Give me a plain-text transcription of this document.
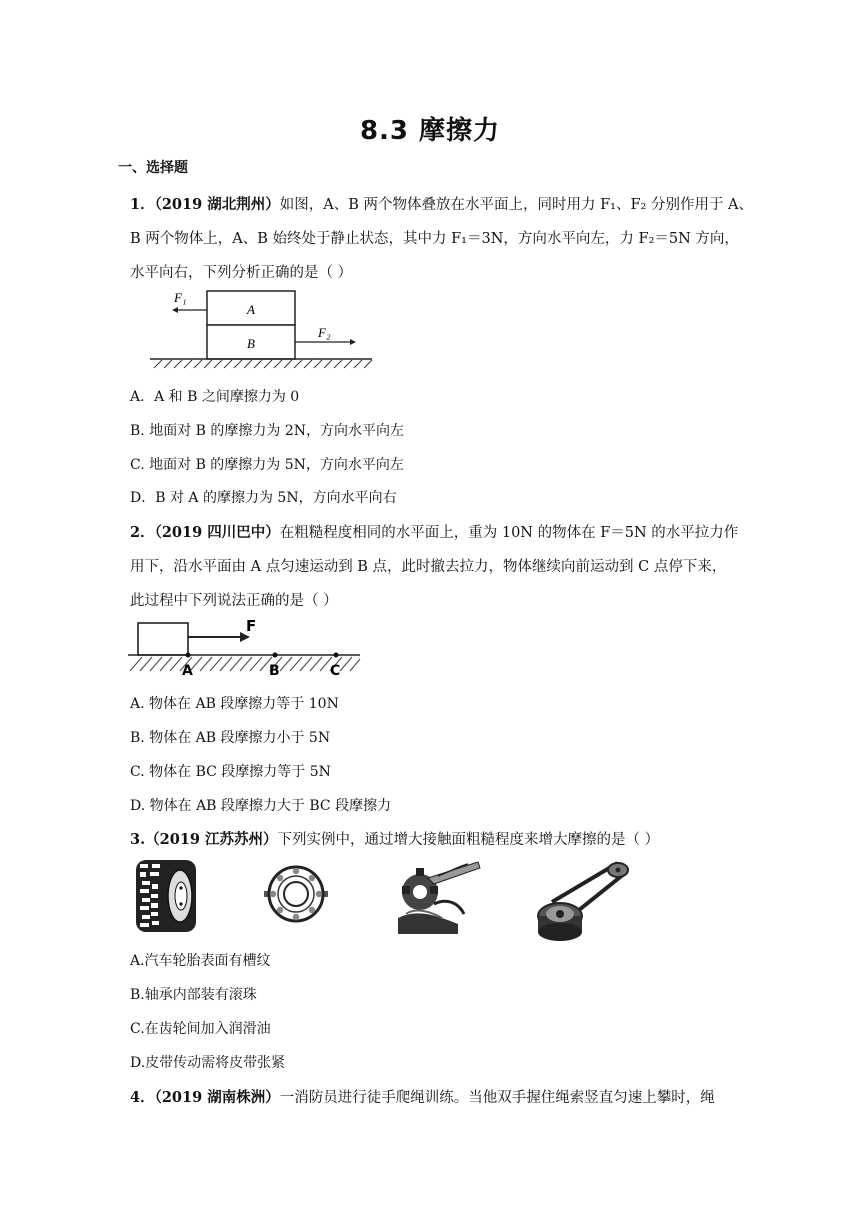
8.3 摩擦力
一、选择题
1．（2019 湖北荆州）如图，A、B 两个物体叠放在水平面上，同时用力 F₁、F₂ 分别作用于 A、
B 两个物体上，A、B 始终处于静止状态，其中力 F₁＝3N，方向水平向左，力 F₂＝5N 方向，
水平向右，下列分析正确的是（ ）
F₁
A
B
F₂
A．A 和 B 之间摩擦力为 0
B. 地面对 B 的摩擦力为 2N，方向水平向左
C. 地面对 B 的摩擦力为 5N，方向水平向左
D．B 对 A 的摩擦力为 5N，方向水平向右
2．（2019 四川巴中）在粗糙程度相同的水平面上，重为 10N 的物体在 F＝5N 的水平拉力作
用下，沿水平面由 A 点匀速运动到 B 点，此时撤去拉力，物体继续向前运动到 C 点停下来，
此过程中下列说法正确的是（ ）
F
A	B	C
A. 物体在 AB 段摩擦力等于 10N
B. 物体在 AB 段摩擦力小于 5N
C. 物体在 BC 段摩擦力等于 5N
D. 物体在 AB 段摩擦力大于 BC 段摩擦力
3.（2019 江苏苏州）下列实例中，通过增大接触面粗糙程度来增大摩擦的是（ ）
A.汽车轮胎表面有槽纹
B.轴承内部装有滚珠
C.在齿轮间加入润滑油
D.皮带传动需将皮带张紧
4．（2019 湖南株洲）一消防员进行徒手爬绳训练。当他双手握住绳索竖直匀速上攀时，绳
